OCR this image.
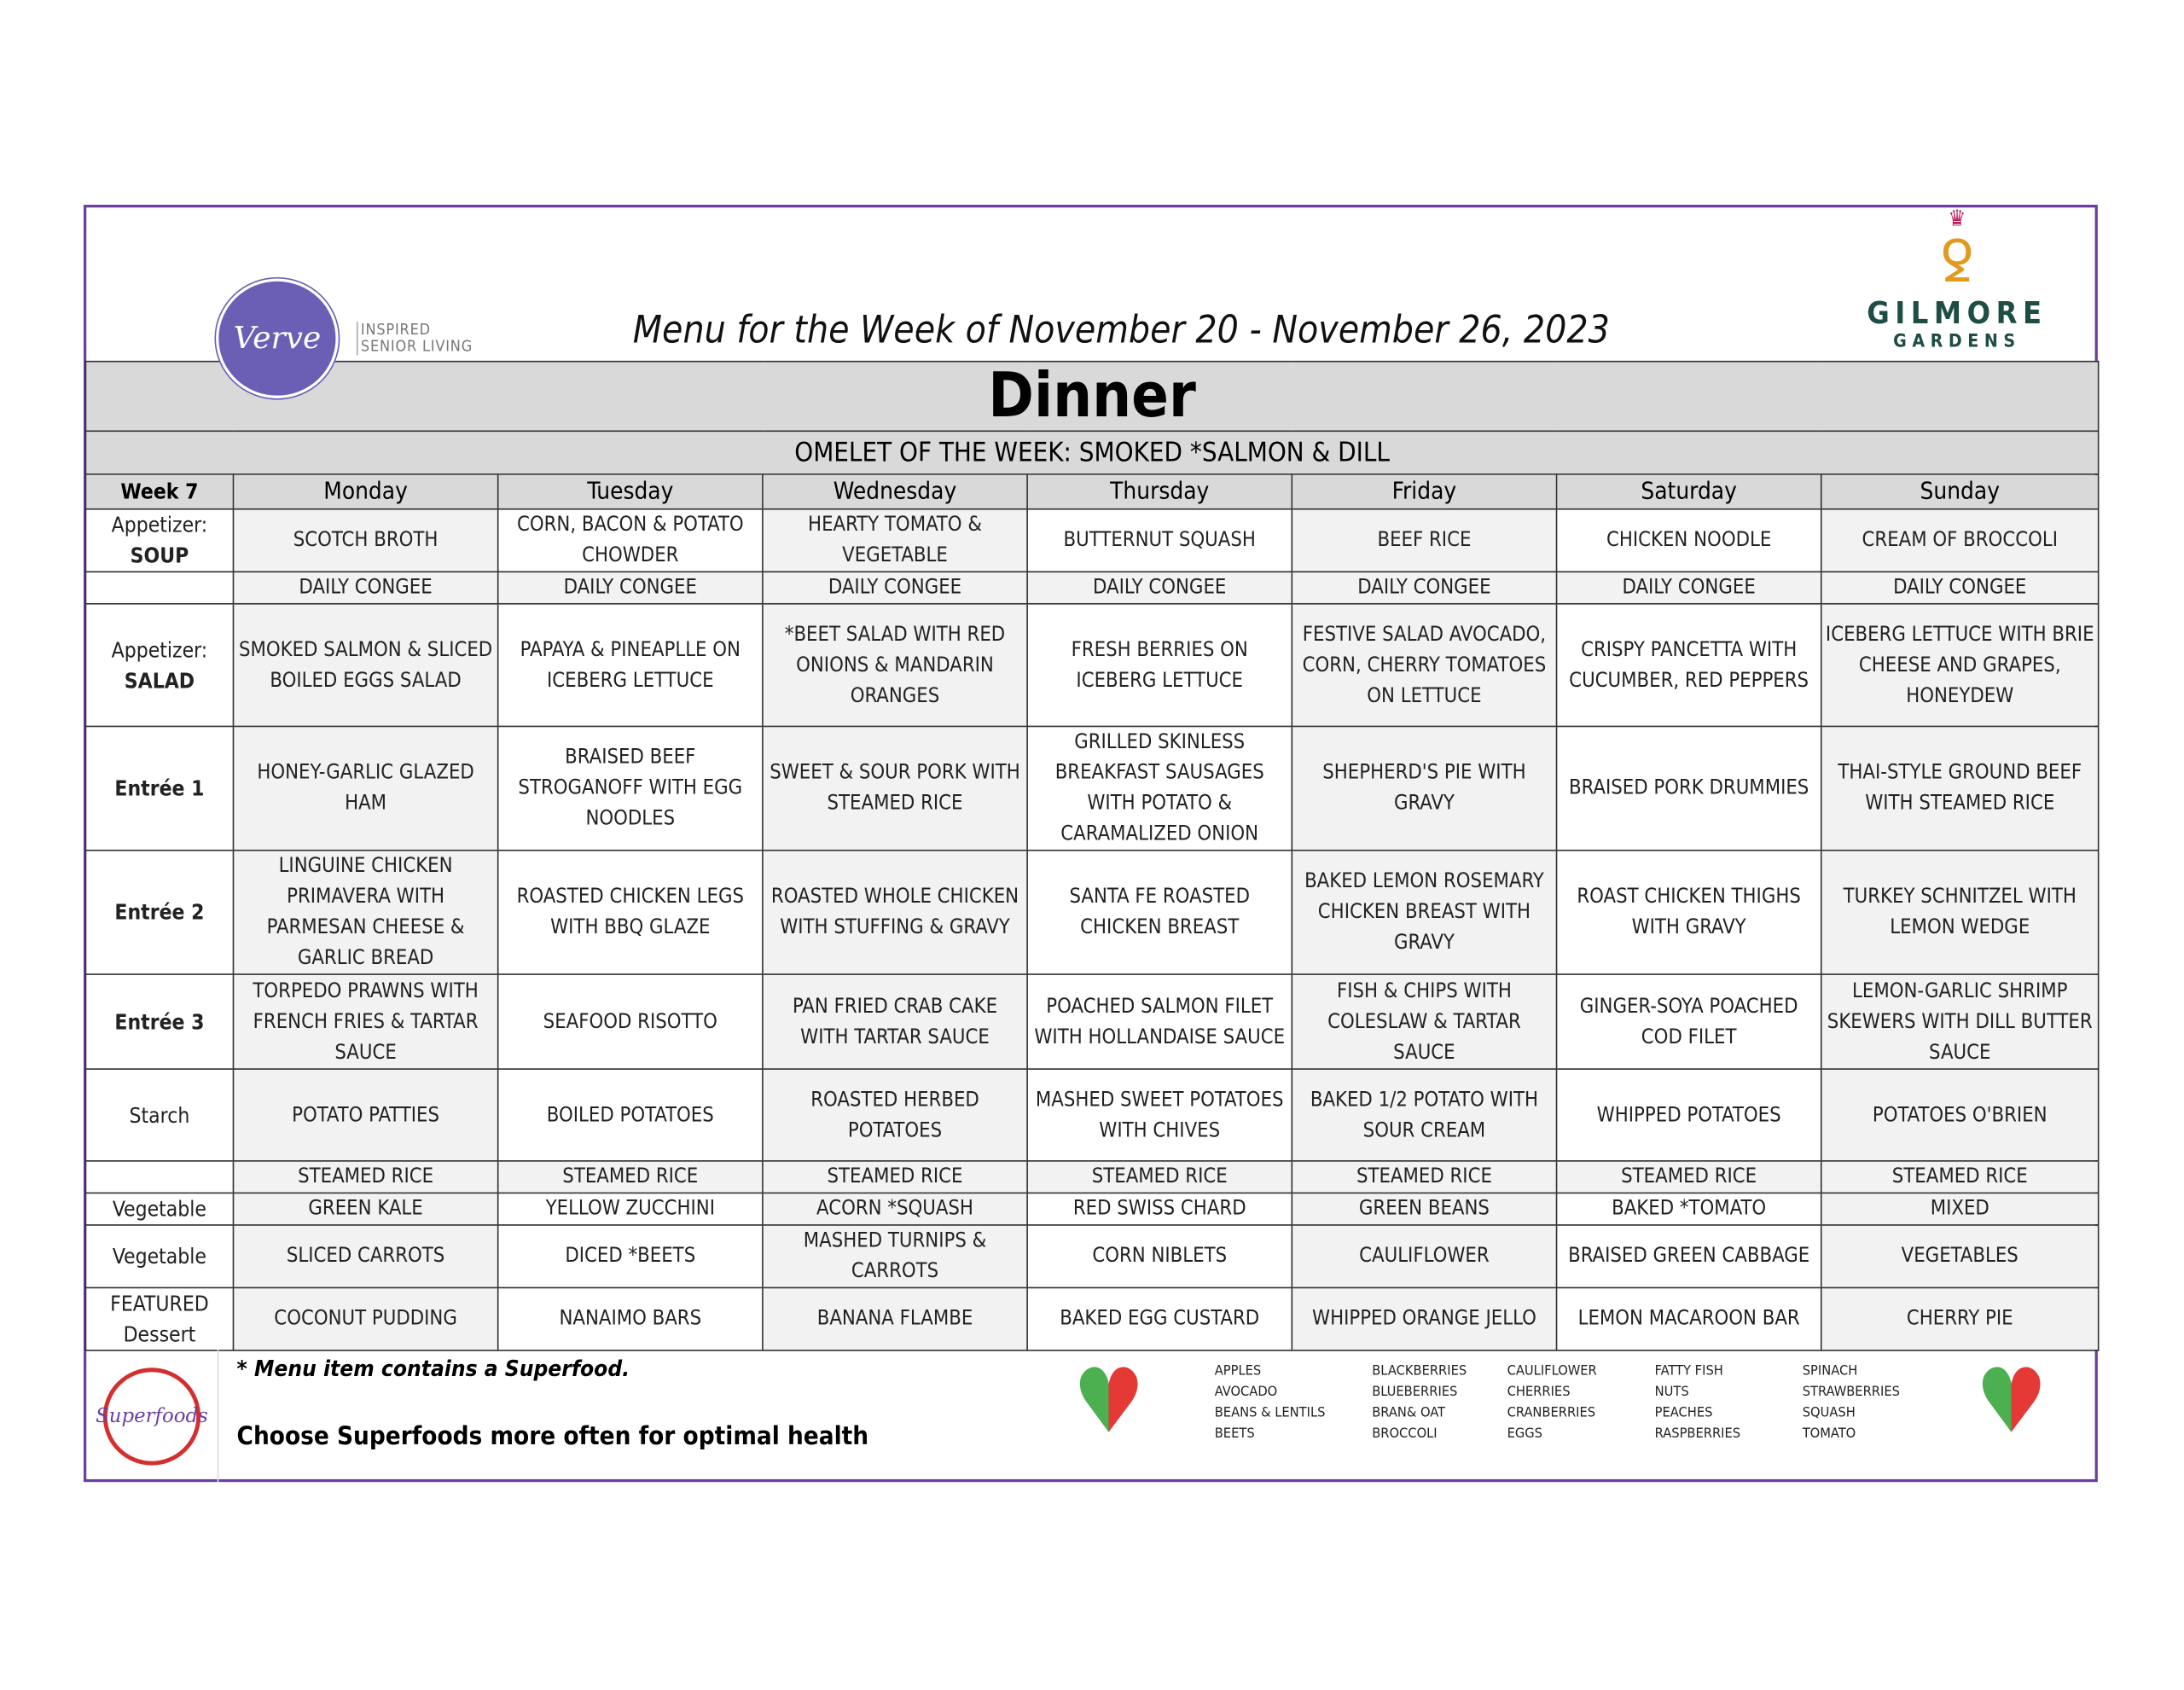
Verve	INSPIRED
SENIOR LIVING	Menu for the Week of November 20 - November 26, 2023
♛
ꝿ
GILMORE
GARDENS
Dinner							
OMELET OF THE WEEK: SMOKED *SALMON & DILL							
Week 7	Monday	Tuesday	Wednesday	Thursday	Friday	Saturday	Sunday

Appetizer:
SOUP	SCOTCH BROTH	CORN, BACON & POTATO CHOWDER	HEARTY TOMATO & VEGETABLE	BUTTERNUT SQUASH	BEEF RICE	CHICKEN NOODLE	CREAM OF BROCCOLI
	DAILY CONGEE	DAILY CONGEE	DAILY CONGEE	DAILY CONGEE	DAILY CONGEE	DAILY CONGEE	DAILY CONGEE

Appetizer:
SALAD	SMOKED SALMON & SLICED BOILED EGGS SALAD	PAPAYA & PINEAPLLE ON ICEBERG LETTUCE	*BEET SALAD WITH RED ONIONS & MANDARIN ORANGES	FRESH BERRIES ON ICEBERG LETTUCE	FESTIVE SALAD AVOCADO, CORN, CHERRY TOMATOES ON LETTUCE	CRISPY PANCETTA WITH CUCUMBER, RED PEPPERS	ICEBERG LETTUCE WITH BRIE CHEESE AND GRAPES, HONEYDEW

Entrée 1	HONEY-GARLIC GLAZED HAM	BRAISED BEEF STROGANOFF WITH EGG NOODLES	SWEET & SOUR PORK WITH STEAMED RICE	GRILLED SKINLESS BREAKFAST SAUSAGES WITH POTATO & CARAMALIZED ONION	SHEPHERD'S PIE WITH GRAVY	BRAISED PORK DRUMMIES	THAI-STYLE GROUND BEEF WITH STEAMED RICE

Entrée 2	LINGUINE CHICKEN PRIMAVERA WITH PARMESAN CHEESE & GARLIC BREAD	ROASTED CHICKEN LEGS WITH BBQ GLAZE	ROASTED WHOLE CHICKEN WITH STUFFING & GRAVY	SANTA FE ROASTED CHICKEN BREAST	BAKED LEMON ROSEMARY CHICKEN BREAST WITH GRAVY	ROAST CHICKEN THIGHS WITH GRAVY	TURKEY SCHNITZEL WITH LEMON WEDGE

Entrée 3	TORPEDO PRAWNS WITH FRENCH FRIES & TARTAR SAUCE	SEAFOOD RISOTTO	PAN FRIED CRAB CAKE WITH TARTAR SAUCE	POACHED SALMON FILET WITH HOLLANDAISE SAUCE	FISH & CHIPS WITH COLESLAW & TARTAR SAUCE	GINGER-SOYA POACHED COD FILET	LEMON-GARLIC SHRIMP SKEWERS WITH DILL BUTTER SAUCE

Starch	POTATO PATTIES	BOILED POTATOES	ROASTED HERBED POTATOES	MASHED SWEET POTATOES WITH CHIVES	BAKED 1/2 POTATO WITH SOUR CREAM	WHIPPED POTATOES	POTATOES O'BRIEN
	STEAMED RICE	STEAMED RICE	STEAMED RICE	STEAMED RICE	STEAMED RICE	STEAMED RICE	STEAMED RICE

Vegetable	GREEN KALE	YELLOW ZUCCHINI	ACORN *SQUASH	RED SWISS CHARD	GREEN BEANS	BAKED *TOMATO	MIXED

Vegetable	SLICED CARROTS	DICED *BEETS	MASHED TURNIPS & CARROTS	CORN NIBLETS	CAULIFLOWER	BRAISED GREEN CABBAGE	VEGETABLES

FEATURED
Dessert	COCONUT PUDDING	NANAIMO BARS	BANANA FLAMBE	BAKED EGG CUSTARD	WHIPPED ORANGE JELLO	LEMON MACAROON BAR	CHERRY PIE
Superfoods
* Menu item contains a Superfood.
Choose Superfoods more often for optimal health	♥	♥
APPLES
AVOCADO
BEANS & LENTILS
BEETS
BLACKBERRIES
BLUEBERRIES
BRAN& OAT
BROCCOLI
CAULIFLOWER
CHERRIES
CRANBERRIES
EGGS
FATTY FISH
NUTS
PEACHES
RASPBERRIES
SPINACH
STRAWBERRIES
SQUASH
TOMATO
